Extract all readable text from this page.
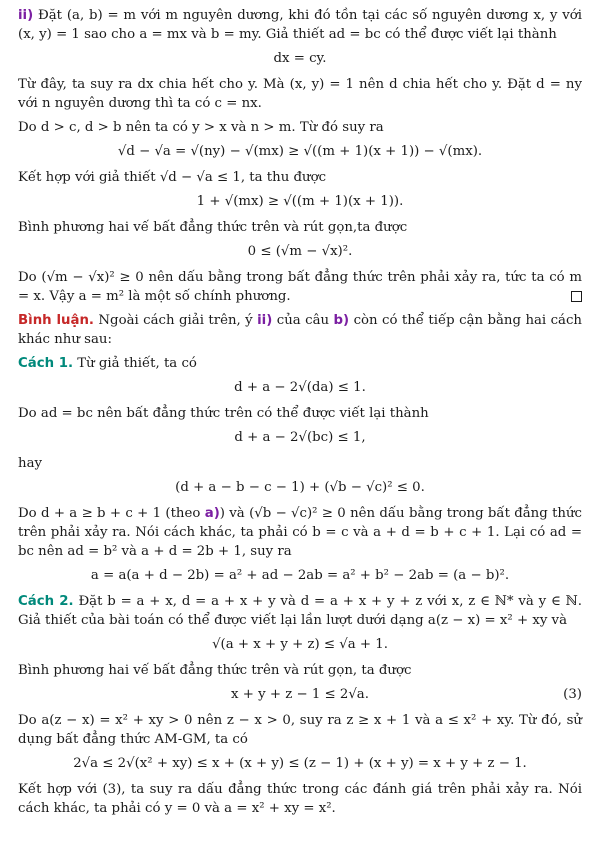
ii) Đặt (a, b) = m với m nguyên dương, khi đó tồn tại các số nguyên dương x, y với (x, y) = 1 sao cho a = mx và b = my. Giả thiết ad = bc có thể được viết lại thành

dx = cy.

Từ đây, ta suy ra dx chia hết cho y. Mà (x, y) = 1 nên d chia hết cho y. Đặt d = ny với n nguyên dương thì ta có c = nx.

Do d > c, d > b nên ta có y > x và n > m. Từ đó suy ra

√d − √a = √(ny) − √(mx) ≥ √((m + 1)(x + 1)) − √(mx).

Kết hợp với giả thiết √d − √a ≤ 1, ta thu được

1 + √(mx) ≥ √((m + 1)(x + 1)).

Bình phương hai vế bất đẳng thức trên và rút gọn,ta được

0 ≤ (√m − √x)².

Do (√m − √x)² ≥ 0 nên dấu bằng trong bất đẳng thức trên phải xảy ra, tức ta có m = x. Vậy a = m² là một số chính phương.

Bình luận. Ngoài cách giải trên, ý ii) của câu b) còn có thể tiếp cận bằng hai cách khác như sau:

Cách 1. Từ giả thiết, ta có

d + a − 2√(da) ≤ 1.

Do ad = bc nên bất đẳng thức trên có thể được viết lại thành

d + a − 2√(bc) ≤ 1,

hay

(d + a − b − c − 1) + (√b − √c)² ≤ 0.

Do d + a ≥ b + c + 1 (theo a)) và (√b − √c)² ≥ 0 nên dấu bằng trong bất đẳng thức trên phải xảy ra. Nói cách khác, ta phải có b = c và a + d = b + c + 1. Lại có ad = bc nên ad = b² và a + d = 2b + 1, suy ra

a = a(a + d − 2b) = a² + ad − 2ab = a² + b² − 2ab = (a − b)².

Cách 2. Đặt b = a + x, d = a + x + y và d = a + x + y + z với x, z ∈ ℕ* và y ∈ ℕ. Giả thiết của bài toán có thể được viết lại lần lượt dưới dạng a(z − x) = x² + xy và

√(a + x + y + z) ≤ √a + 1.

Bình phương hai vế bất đẳng thức trên và rút gọn, ta được

x + y + z − 1 ≤ 2√a.	(3)

Do a(z − x) = x² + xy > 0 nên z − x > 0, suy ra z ≥ x + 1 và a ≤ x² + xy. Từ đó, sử dụng bất đẳng thức AM-GM, ta có

2√a ≤ 2√(x² + xy) ≤ x + (x + y) ≤ (z − 1) + (x + y) = x + y + z − 1.

Kết hợp với (3), ta suy ra dấu đẳng thức trong các đánh giá trên phải xảy ra. Nói cách khác, ta phải có y = 0 và a = x² + xy = x².
